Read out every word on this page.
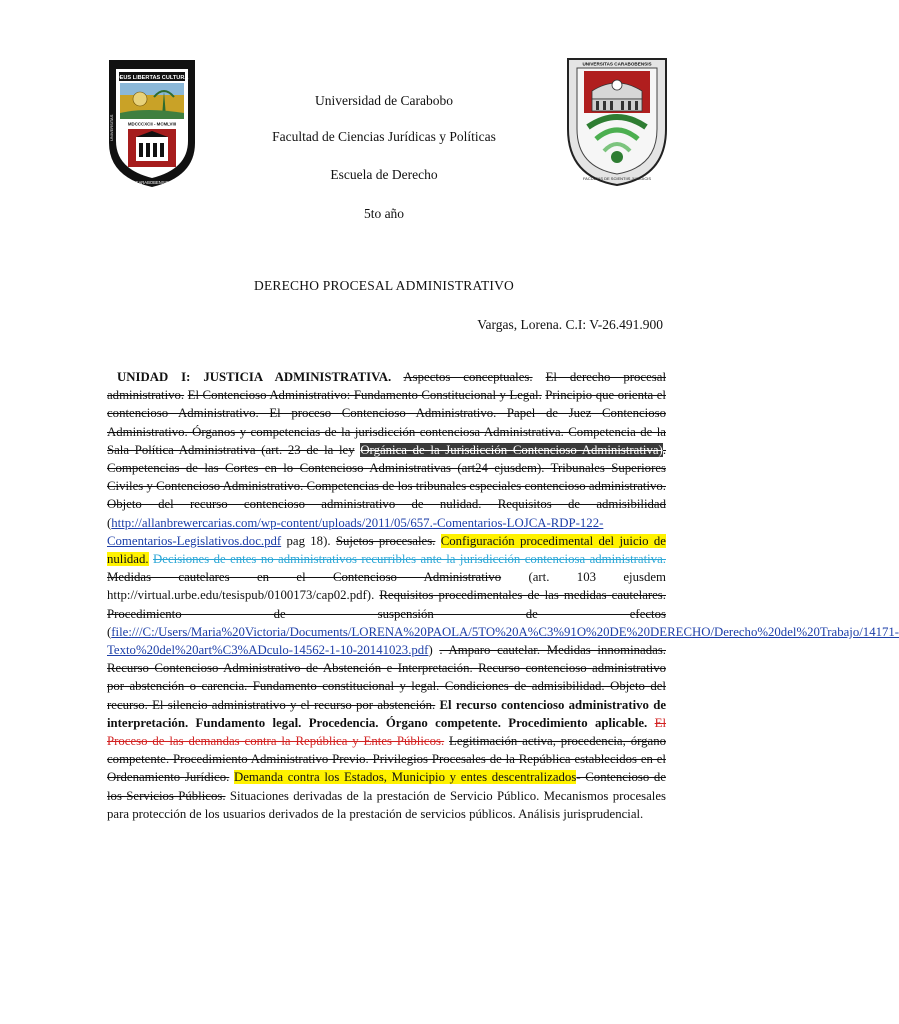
DEUS LIBERTAS CULTURA
MDCCCXCII - MCMLVIII
UNIVERSITAS
CARABOBENSIS
UNIVERSITAS CARABOBENSIS
FACULTAS DE SCIENTIIS JURIDICIS

Universidad de Carabobo

Facultad de Ciencias Jurídicas y Políticas

Escuela de Derecho

5to año

DERECHO PROCESAL ADMINISTRATIVO

Vargas, Lorena. C.I: V-26.491.900

UNIDAD I: JUSTICIA ADMINISTRATIVA. Aspectos conceptuales. El derecho procesal administrativo. El Contencioso Administrativo: Fundamento Constitucional y Legal. Principio que orienta el contencioso Administrativo. El proceso Contencioso Administrativo. Papel de Juez Contencioso Administrativo. Órganos y competencias de la jurisdicción contenciosa Administrativa. Competencia de la Sala Política Administrativa (art. 23 de la ley Orgánica de la Jurisdicción Contencioso Administrativa). Competencias de las Cortes en lo Contencioso Administrativas (art24 ejusdem). Tribunales Superiores Civiles y Contencioso Administrativo. Competencias de los tribunales especiales contencioso administrativo. Objeto del recurso contencioso administrativo de nulidad. Requisitos de admisibilidad (http://allanbrewercarias.com/wp-content/uploads/2011/05/657.-Comentarios-LOJCA-RDP-122-Comentarios-Legislativos.doc.pdf pag 18). Sujetos procesales. Configuración procedimental del juicio de nulidad. Decisiones de entes no administrativos recurribles ante la jurisdicción contenciosa administrativa. Medidas cautelares en el Contencioso Administrativo (art. 103 ejusdem http://virtual.urbe.edu/tesispub/0100173/cap02.pdf). Requisitos procedimentales de las medidas cautelares. Procedimiento de suspensión de efectos (file:///C:/Users/Maria%20Victoria/Documents/LORENA%20PAOLA/5TO%20A%C3%91O%20DE%20DERECHO/Derecho%20del%20Trabajo/14171-Texto%20del%20art%C3%ADculo-14562-1-10-20141023.pdf) . Amparo cautelar. Medidas innominadas. Recurso Contencioso Administrativo de Abstención e Interpretación. Recurso contencioso administrativo por abstención o carencia. Fundamento constitucional y legal. Condiciones de admisibilidad. Objeto del recurso. El silencio administrativo y el recurso por abstención. El recurso contencioso administrativo de interpretación. Fundamento legal. Procedencia. Órgano competente. Procedimiento aplicable. El Proceso de las demandas contra la República y Entes Públicos. Legitimación activa, procedencia, órgano competente. Procedimiento Administrativo Previo. Privilegios Procesales de la República establecidos en el Ordenamiento Jurídico. Demanda contra los Estados, Municipio y entes descentralizados- Contencioso de los Servicios Públicos. Situaciones derivadas de la prestación de Servicio Público. Mecanismos procesales para protección de los usuarios derivados de la prestación de servicios públicos. Análisis jurisprudencial.
